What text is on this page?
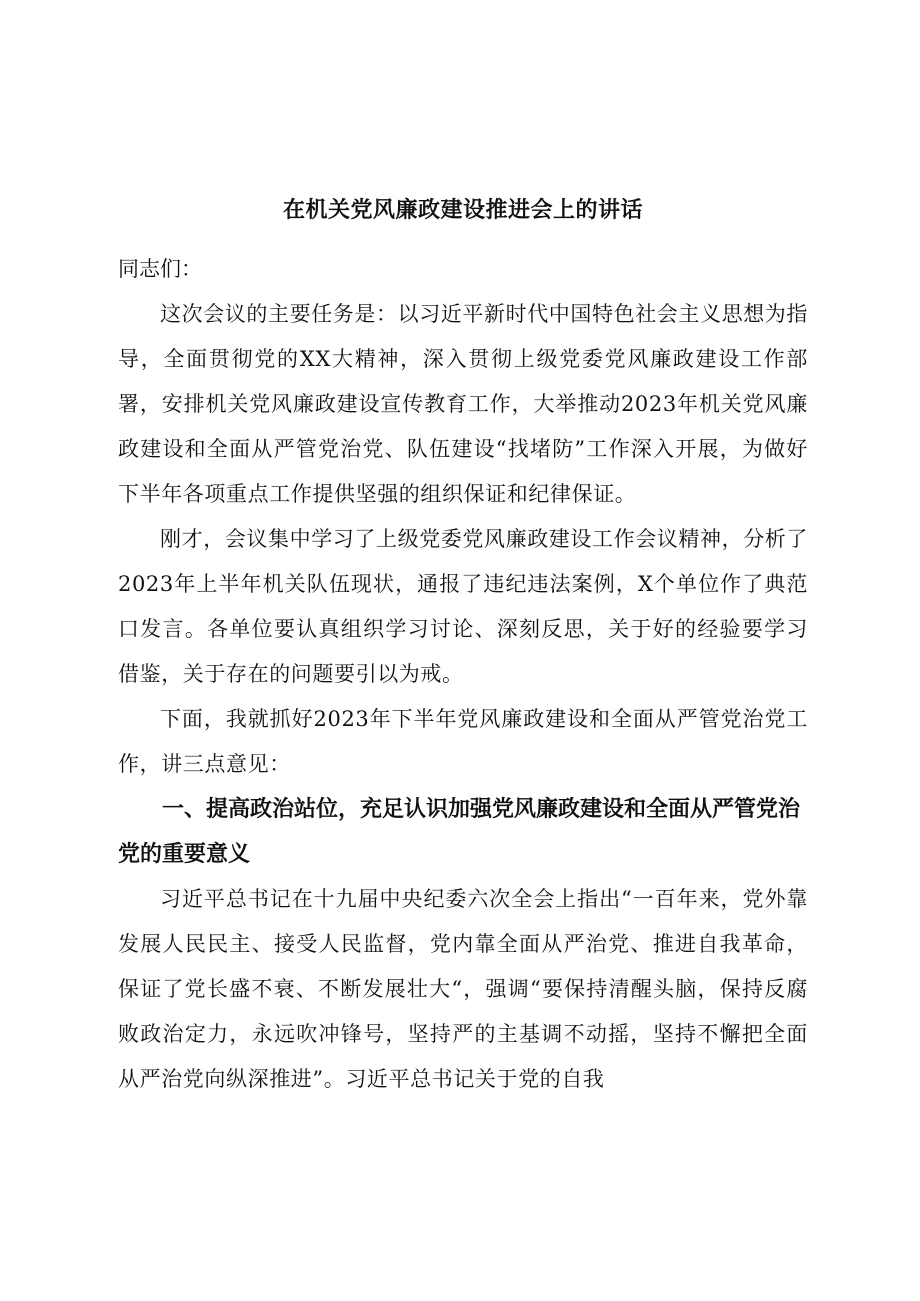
在机关党风廉政建设推进会上的讲话

同志们：

这次会议的主要任务是：以习近平新时代中国特色社会主义思想为指导，全面贯彻党的XX大精神，深入贯彻上级党委党风廉政建设工作部署，安排机关党风廉政建设宣传教育工作，大举推动2023年机关党风廉政建设和全面从严管党治党、队伍建设“找堵防”工作深入开展，为做好下半年各项重点工作提供坚强的组织保证和纪律保证。

刚才，会议集中学习了上级党委党风廉政建设工作会议精神，分析了2023年上半年机关队伍现状，通报了违纪违法案例，X个单位作了典范口发言。各单位要认真组织学习讨论、深刻反思，关于好的经验要学习借鉴，关于存在的问题要引以为戒。

下面，我就抓好2023年下半年党风廉政建设和全面从严管党治党工作，讲三点意见：

一、提高政治站位，充足认识加强党风廉政建设和全面从严管党治党的重要意义

习近平总书记在十九届中央纪委六次全会上指出“一百年来，党外靠发展人民民主、接受人民监督，党内靠全面从严治党、推进自我革命，保证了党长盛不衰、不断发展壮大“，强调“要保持清醒头脑，保持反腐败政治定力，永远吹冲锋号，坚持严的主基调不动摇，坚持不懈把全面从严治党向纵深推进”。习近平总书记关于党的自我
